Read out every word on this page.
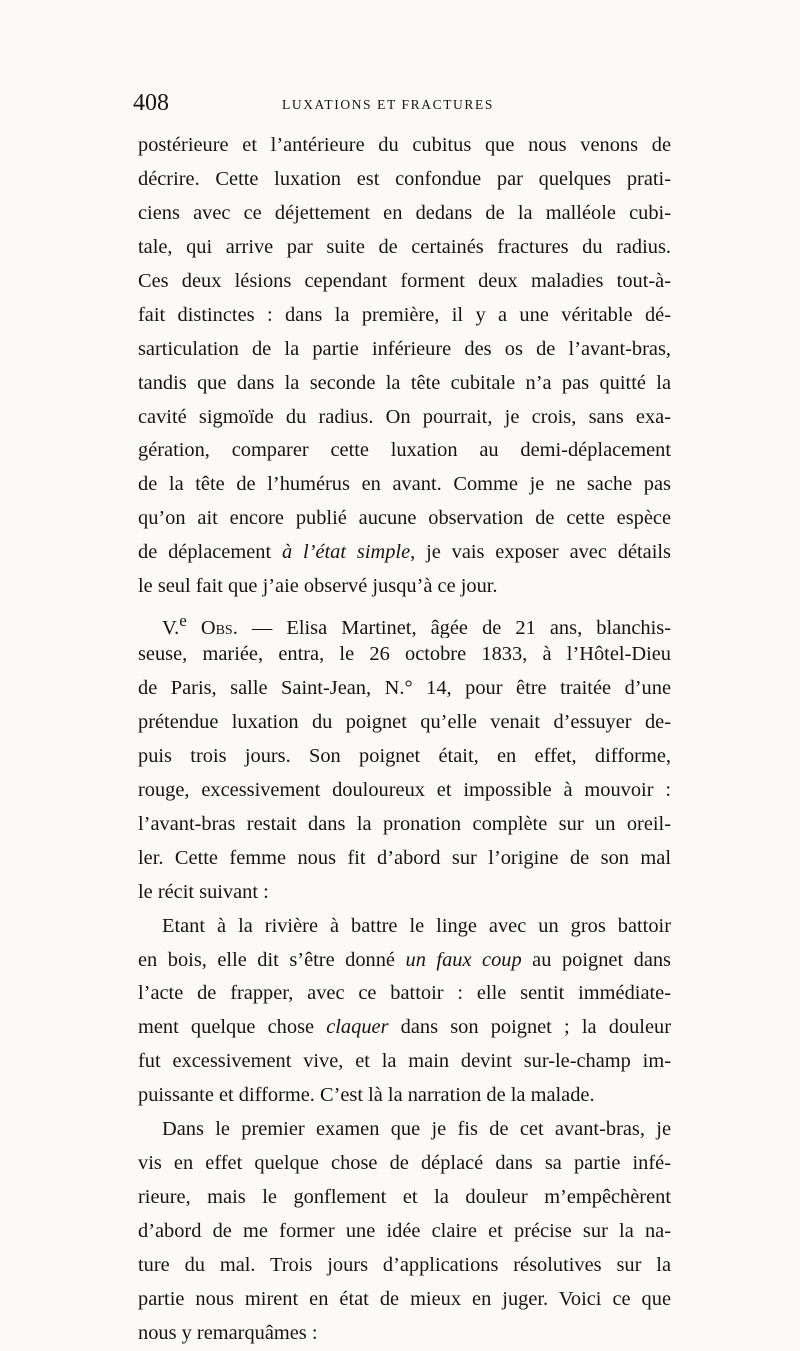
408	LUXATIONS ET FRACTURES
postérieure et l’antérieure du cubitus que nous venons de
décrire. Cette luxation est confondue par quelques prati-
ciens avec ce déjettement en dedans de la malléole cubi-
tale, qui arrive par suite de certainés fractures du radius.
Ces deux lésions cependant forment deux maladies tout-à-
fait distinctes : dans la première, il y a une véritable dé-
sarticulation de la partie inférieure des os de l’avant-bras,
tandis que dans la seconde la tête cubitale n’a pas quitté la
cavité sigmoïde du radius. On pourrait, je crois, sans exa-
gération, comparer cette luxation au demi-déplacement
de la tête de l’humérus en avant. Comme je ne sache pas
qu’on ait encore publié aucune observation de cette espèce
de déplacement à l’état simple, je vais exposer avec détails
le seul fait que j’aie observé jusqu’à ce jour.
V.$^e$ Obs. — Elisa Martinet, âgée de 21 ans, blanchis-
seuse, mariée, entra, le 26 octobre 1833, à l’Hôtel-Dieu
de Paris, salle Saint-Jean, N.° 14, pour être traitée d’une
prétendue luxation du poignet qu’elle venait d’essuyer de-
puis trois jours. Son poignet était, en effet, difforme,
rouge, excessivement douloureux et impossible à mouvoir :
l’avant-bras restait dans la pronation complète sur un oreil-
ler. Cette femme nous fit d’abord sur l’origine de son mal
le récit suivant :
Etant à la rivière à battre le linge avec un gros battoir
en bois, elle dit s’être donné un faux coup au poignet dans
l’acte de frapper, avec ce battoir : elle sentit immédiate-
ment quelque chose claquer dans son poignet ; la douleur
fut excessivement vive, et la main devint sur-le-champ im-
puissante et difforme. C’est là la narration de la malade.
Dans le premier examen que je fis de cet avant-bras, je
vis en effet quelque chose de déplacé dans sa partie infé-
rieure, mais le gonflement et la douleur m’empêchèrent
d’abord de me former une idée claire et précise sur la na-
ture du mal. Trois jours d’applications résolutives sur la
partie nous mirent en état de mieux en juger. Voici ce que
nous y remarquâmes :
